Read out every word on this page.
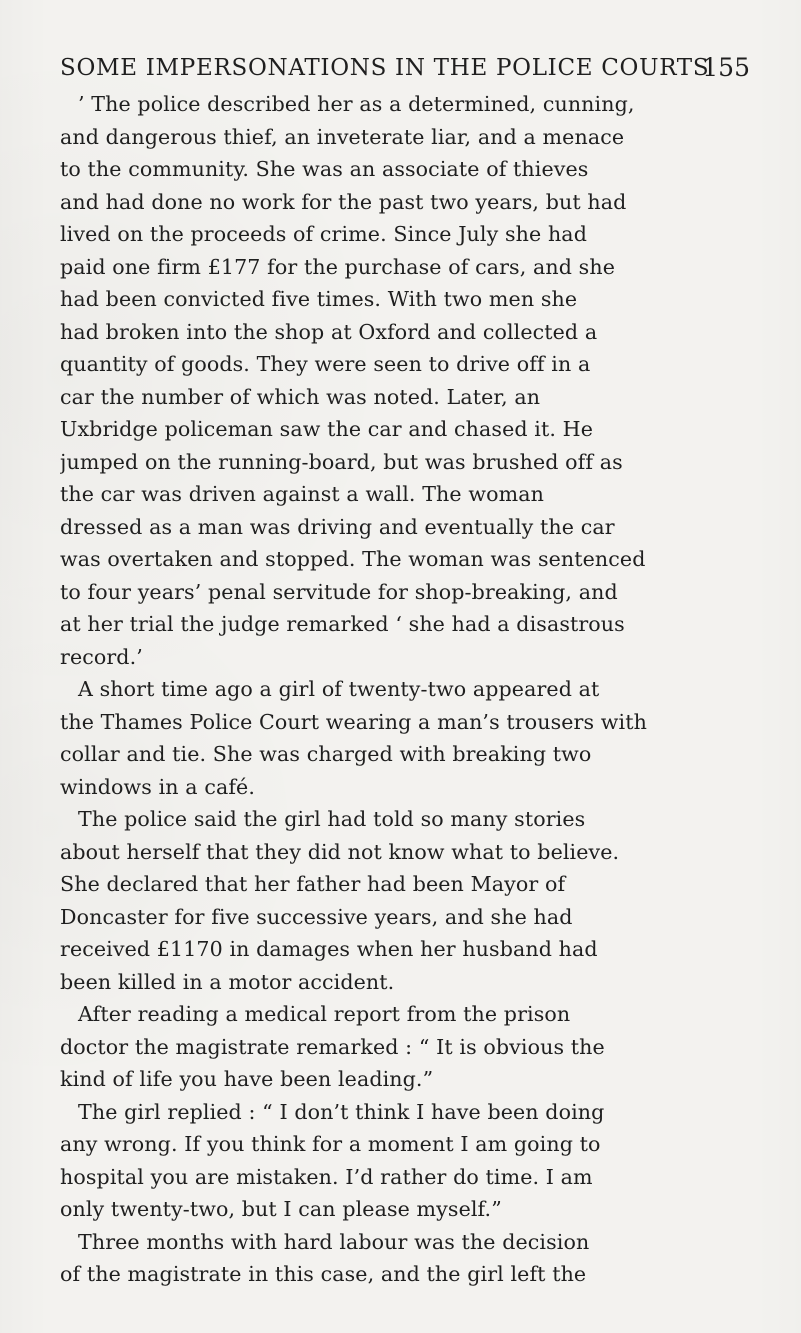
SOME IMPERSONATIONS IN THE POLICE COURTS
155
’ The police described her as a determined, cunning,
and dangerous thief, an inveterate liar, and a menace
to the community. She was an associate of thieves
and had done no work for the past two years, but had
lived on the proceeds of crime. Since July she had
paid one firm £177 for the purchase of cars, and she
had been convicted five times. With two men she
had broken into the shop at Oxford and collected a
quantity of goods. They were seen to drive off in a
car the number of which was noted. Later, an
Uxbridge policeman saw the car and chased it. He
jumped on the running-board, but was brushed off as
the car was driven against a wall. The woman
dressed as a man was driving and eventually the car
was overtaken and stopped. The woman was sentenced
to four years’ penal servitude for shop-breaking, and
at her trial the judge remarked ‘ she had a disastrous
record.’
A short time ago a girl of twenty-two appeared at
the Thames Police Court wearing a man’s trousers with
collar and tie. She was charged with breaking two
windows in a café.
The police said the girl had told so many stories
about herself that they did not know what to believe.
She declared that her father had been Mayor of
Doncaster for five successive years, and she had
received £1170 in damages when her husband had
been killed in a motor accident.
After reading a medical report from the prison
doctor the magistrate remarked : “ It is obvious the
kind of life you have been leading.”
The girl replied : “ I don’t think I have been doing
any wrong. If you think for a moment I am going to
hospital you are mistaken. I’d rather do time. I am
only twenty-two, but I can please myself.”
Three months with hard labour was the decision
of the magistrate in this case, and the girl left the
